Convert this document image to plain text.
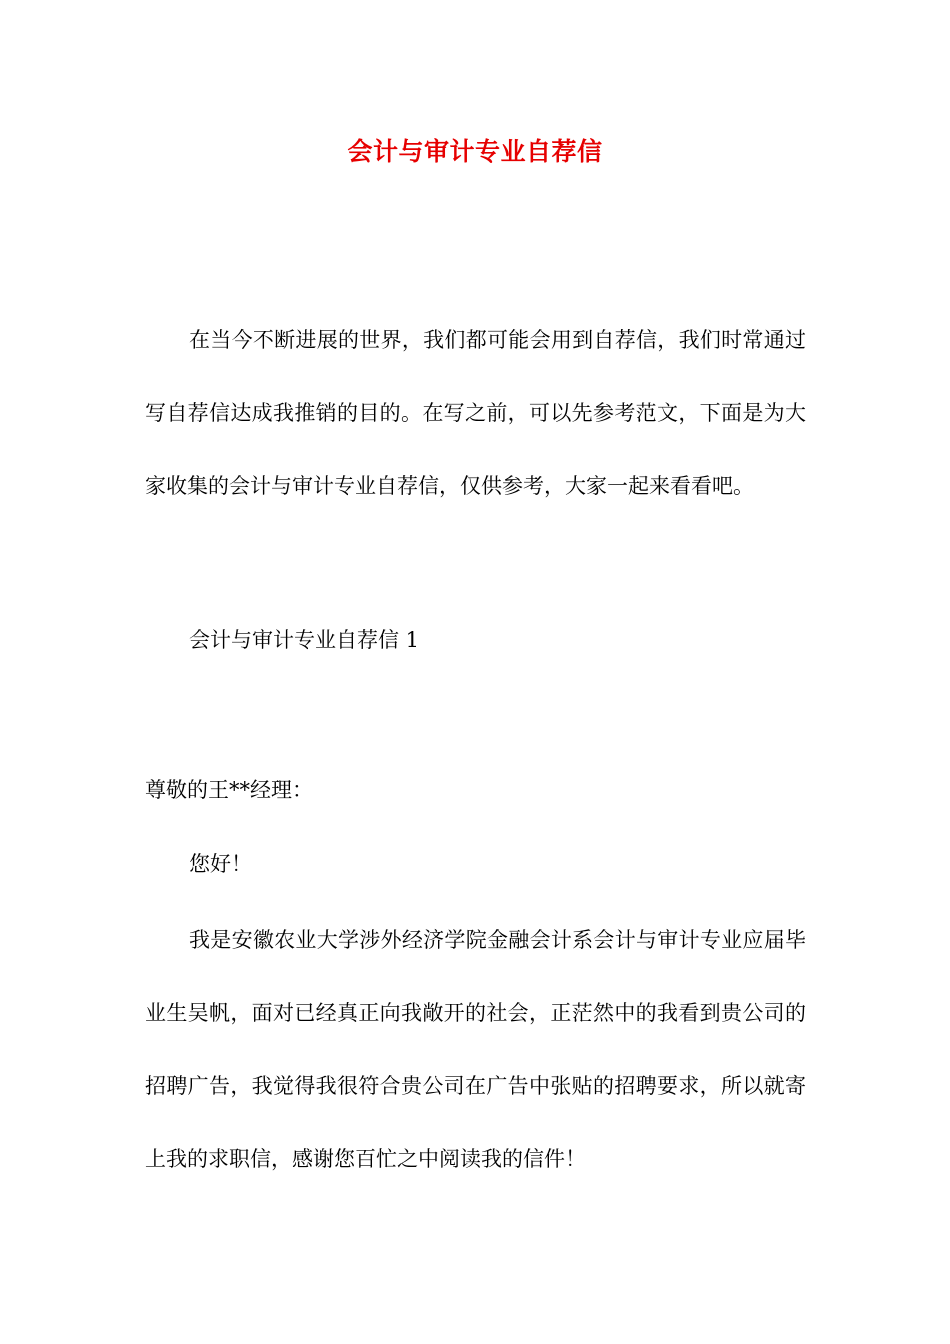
会计与审计专业自荐信

在当今不断进展的世界，我们都可能会用到自荐信，我们时常通过写自荐信达成我推销的目的。在写之前，可以先参考范文，下面是为大家收集的会计与审计专业自荐信，仅供参考，大家一起来看看吧。

会计与审计专业自荐信 1

尊敬的王**经理：

您好！

我是安徽农业大学涉外经济学院金融会计系会计与审计专业应届毕业生吴帆，面对已经真正向我敞开的社会，正茫然中的我看到贵公司的招聘广告，我觉得我很符合贵公司在广告中张贴的招聘要求，所以就寄上我的求职信，感谢您百忙之中阅读我的信件！
